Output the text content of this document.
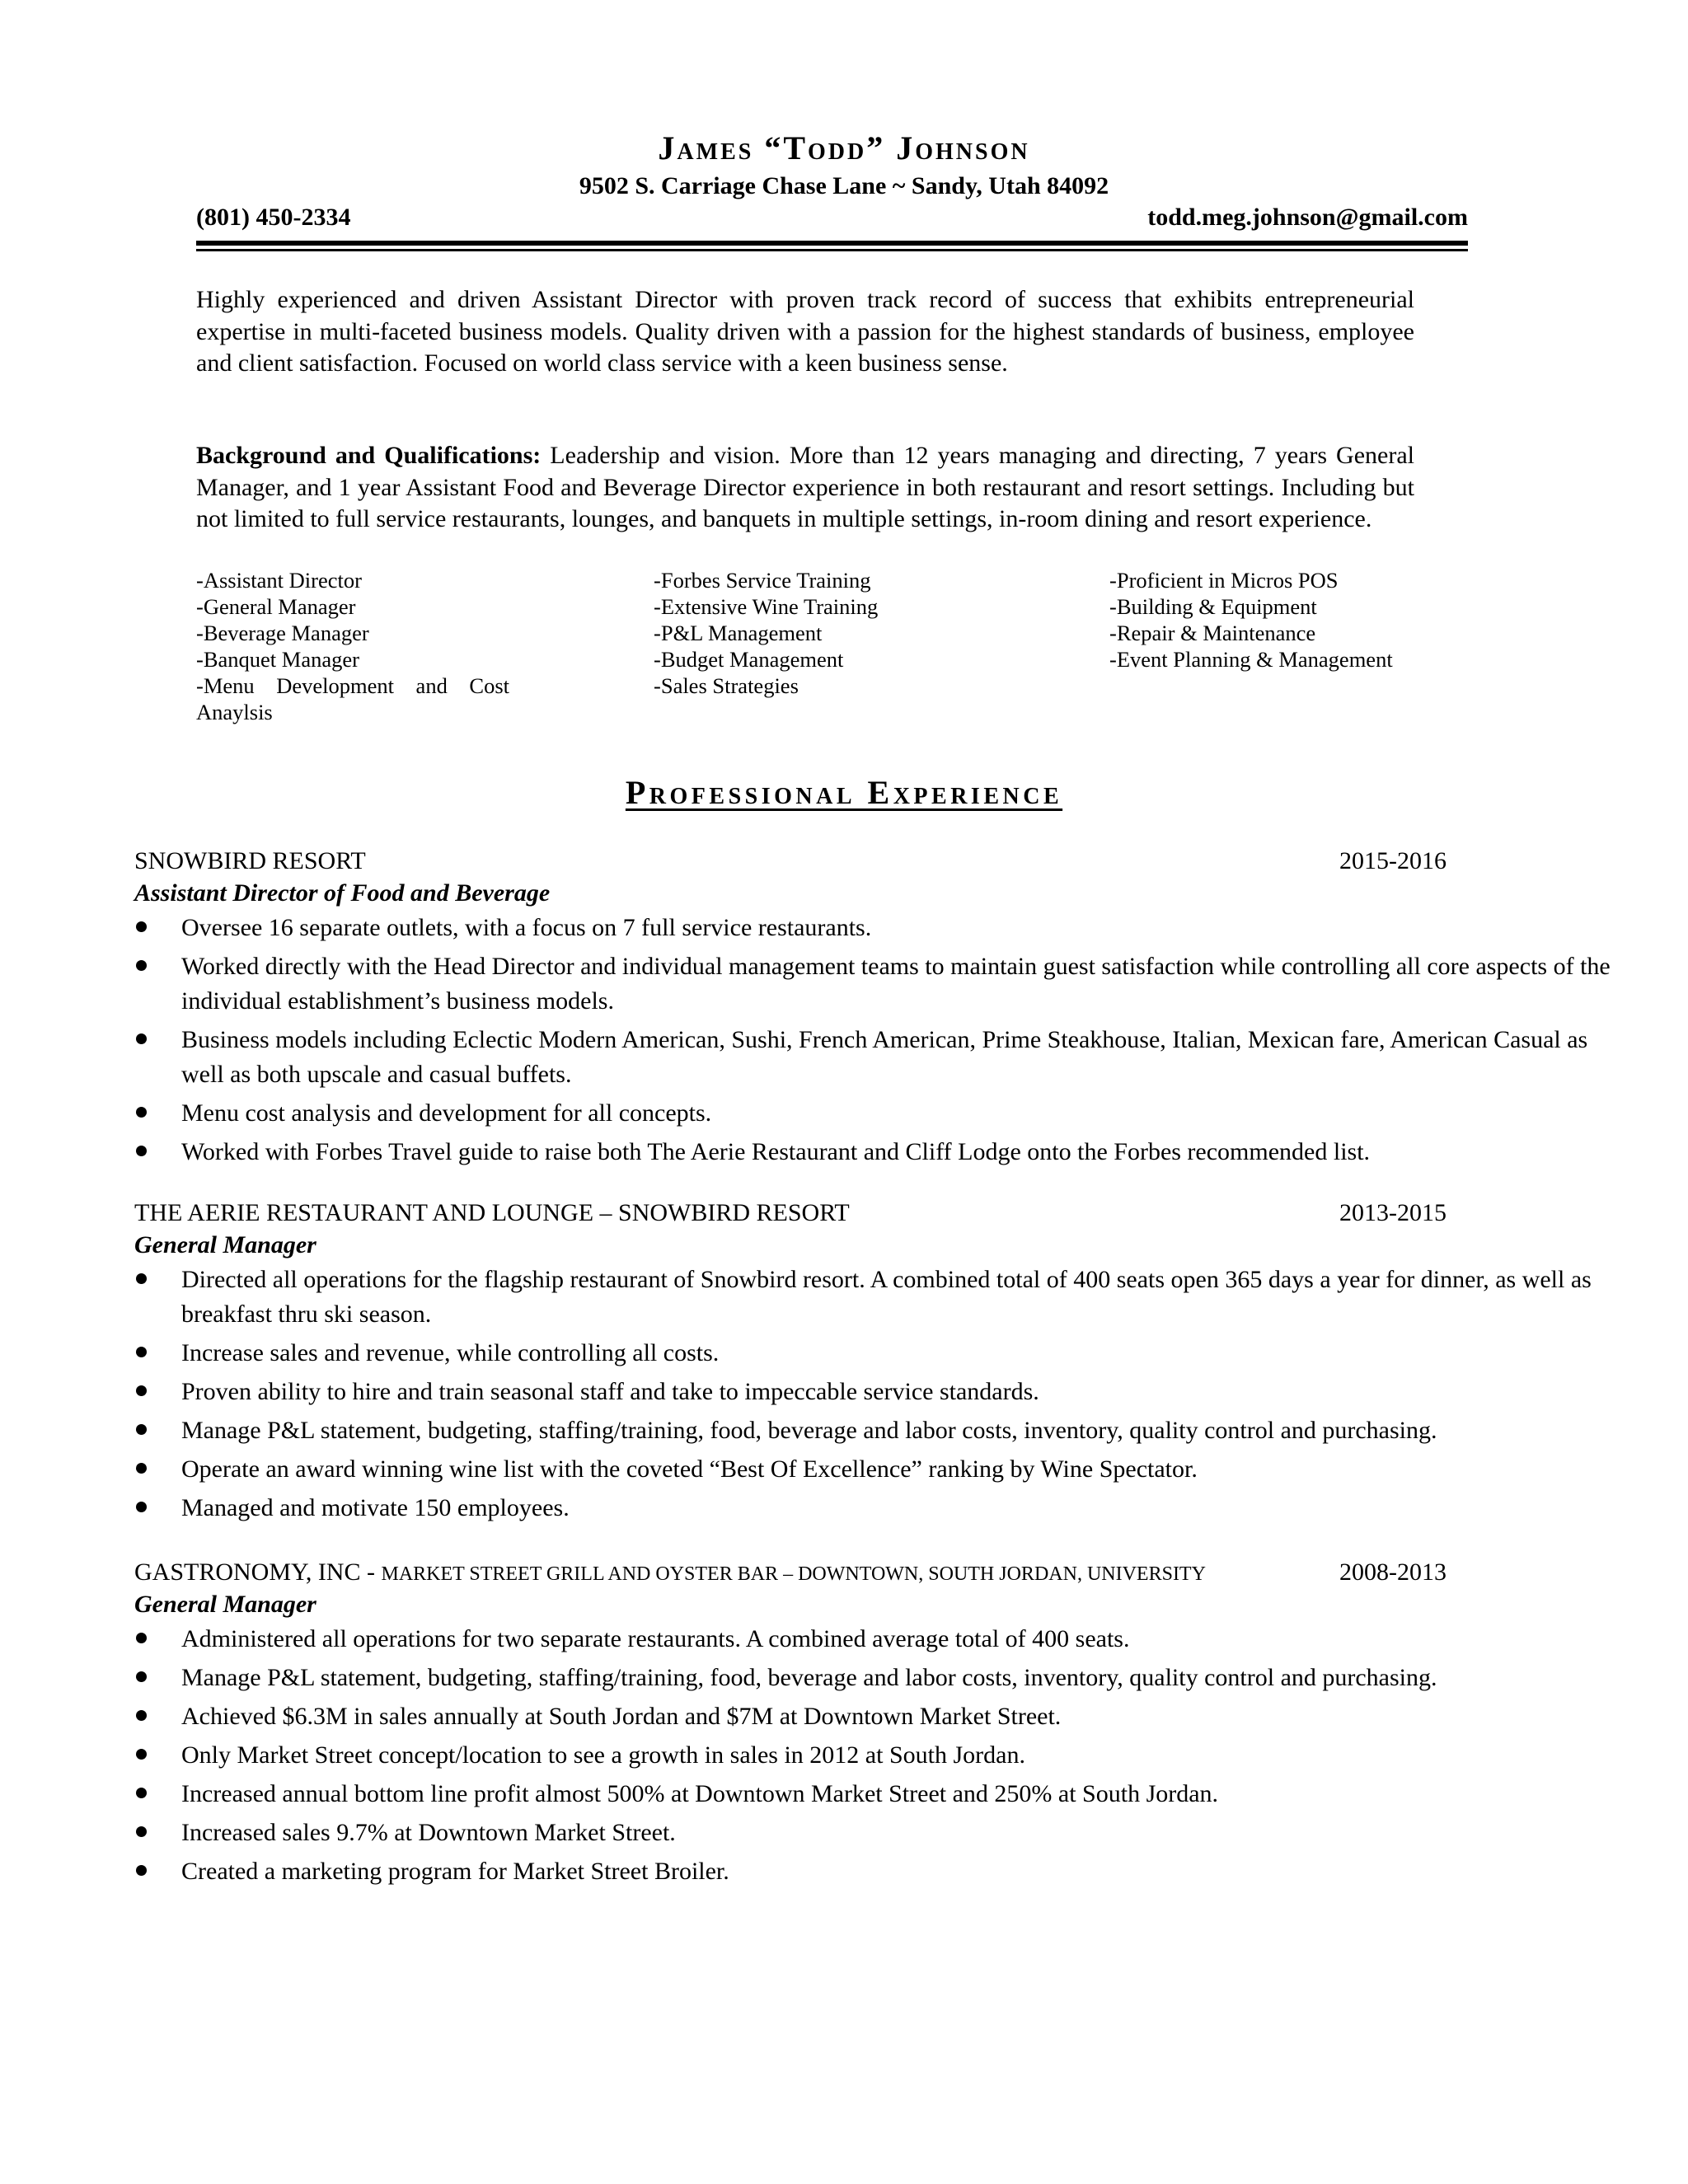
James “Todd” Johnson
9502 S. Carriage Chase Lane ~ Sandy, Utah 84092
(801) 450-2334	todd.meg.johnson@gmail.com
Highly experienced and driven Assistant Director with proven track record of success that exhibits entrepreneurial expertise in multi-faceted business models. Quality driven with a passion for the highest standards of business, employee and client satisfaction. Focused on world class service with a keen business sense.
Background and Qualifications: Leadership and vision. More than 12 years managing and directing, 7 years General Manager, and 1 year Assistant Food and Beverage Director experience in both restaurant and resort settings. Including but not limited to full service restaurants, lounges, and banquets in multiple settings, in-room dining and resort experience.
-Assistant Director
-General Manager
-Beverage Manager
-Banquet Manager
-Menu Development and Cost
Anaylsis
-Forbes Service Training
-Extensive Wine Training
-P&L Management
-Budget Management
-Sales Strategies
-Proficient in Micros POS
-Building & Equipment
-Repair & Maintenance
-Event Planning & Management
Professional Experience
SNOWBIRD RESORT	2015-2016
Assistant Director of Food and Beverage
Oversee 16 separate outlets, with a focus on 7 full service restaurants.
Worked directly with the Head Director and individual management teams to maintain guest satisfaction while controlling all core aspects of the individual establishment’s business models.
Business models including Eclectic Modern American, Sushi, French American, Prime Steakhouse, Italian, Mexican fare, American Casual as well as both upscale and casual buffets.
Menu cost analysis and development for all concepts.
Worked with Forbes Travel guide to raise both The Aerie Restaurant and Cliff Lodge onto the Forbes recommended list.
THE AERIE RESTAURANT AND LOUNGE – SNOWBIRD RESORT	2013-2015
General Manager
Directed all operations for the flagship restaurant of Snowbird resort. A combined total of 400 seats open 365 days a year for dinner, as well as breakfast thru ski season.
Increase sales and revenue, while controlling all costs.
Proven ability to hire and train seasonal staff and take to impeccable service standards.
Manage P&L statement, budgeting, staffing/training, food, beverage and labor costs, inventory, quality control and purchasing.
Operate an award winning wine list with the coveted “Best Of Excellence” ranking by Wine Spectator.
Managed and motivate 150 employees.
GASTRONOMY, INC - MARKET STREET GRILL AND OYSTER BAR – DOWNTOWN, SOUTH JORDAN, UNIVERSITY	2008-2013
General Manager
Administered all operations for two separate restaurants. A combined average total of 400 seats.
Manage P&L statement, budgeting, staffing/training, food, beverage and labor costs, inventory, quality control and purchasing.
Achieved $6.3M in sales annually at South Jordan and $7M at Downtown Market Street.
Only Market Street concept/location to see a growth in sales in 2012 at South Jordan.
Increased annual bottom line profit almost 500% at Downtown Market Street and 250% at South Jordan.
Increased sales 9.7% at Downtown Market Street.
Created a marketing program for Market Street Broiler.
